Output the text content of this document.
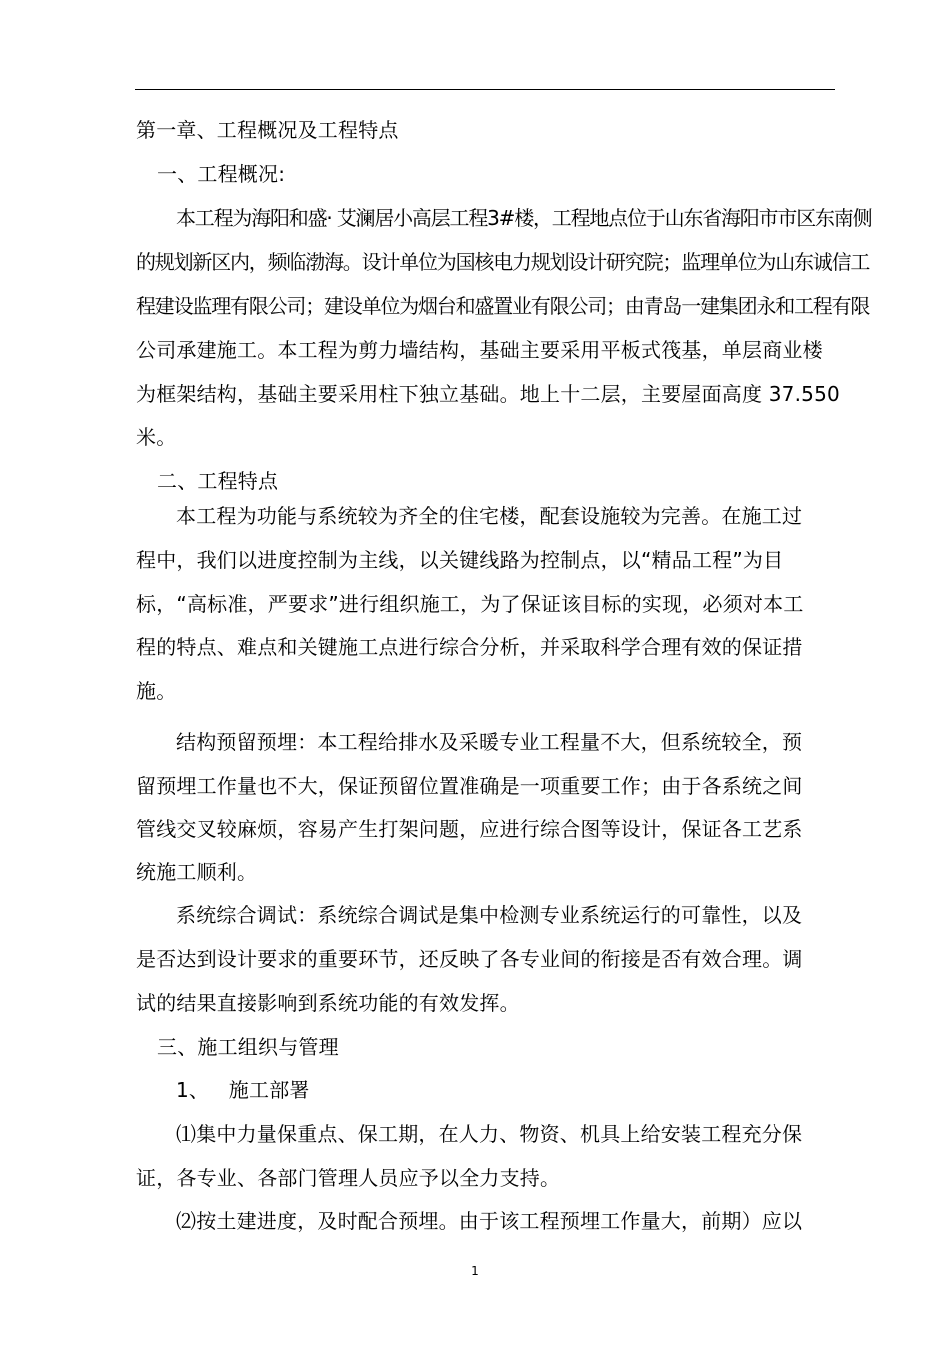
第一章、工程概况及工程特点
一、工程概况:
本工程为海阳和盛· 艾澜居小高层工程3#楼，工程地点位于山东省海阳市市区东南侧
的规划新区内，频临渤海。设计单位为国核电力规划设计研究院；监理单位为山东诚信工
程建设监理有限公司；建设单位为烟台和盛置业有限公司；由青岛一建集团永和工程有限
公司承建施工。本工程为剪力墙结构，基础主要采用平板式筏基，单层商业楼
为框架结构，基础主要采用柱下独立基础。地上十二层，主要屋面高度 37.550
米。
二、工程特点
本工程为功能与系统较为齐全的住宅楼，配套设施较为完善。在施工过
程中，我们以进度控制为主线，以关键线路为控制点，以“精品工程”为目
标，“高标准，严要求”进行组织施工，为了保证该目标的实现，必须对本工
程的特点、难点和关键施工点进行综合分析，并采取科学合理有效的保证措
施。
结构预留预埋：本工程给排水及采暖专业工程量不大，但系统较全，预
留预埋工作量也不大，保证预留位置准确是一项重要工作；由于各系统之间
管线交叉较麻烦，容易产生打架问题，应进行综合图等设计，保证各工艺系
统施工顺利。
系统综合调试：系统综合调试是集中检测专业系统运行的可靠性，以及
是否达到设计要求的重要环节，还反映了各专业间的衔接是否有效合理。调
试的结果直接影响到系统功能的有效发挥。
三、施工组织与管理
1、   施工部署
⑴集中力量保重点、保工期，在人力、物资、机具上给安装工程充分保
证，各专业、各部门管理人员应予以全力支持。
⑵按土建进度，及时配合预埋。由于该工程预埋工作量大，前期）应以
1
